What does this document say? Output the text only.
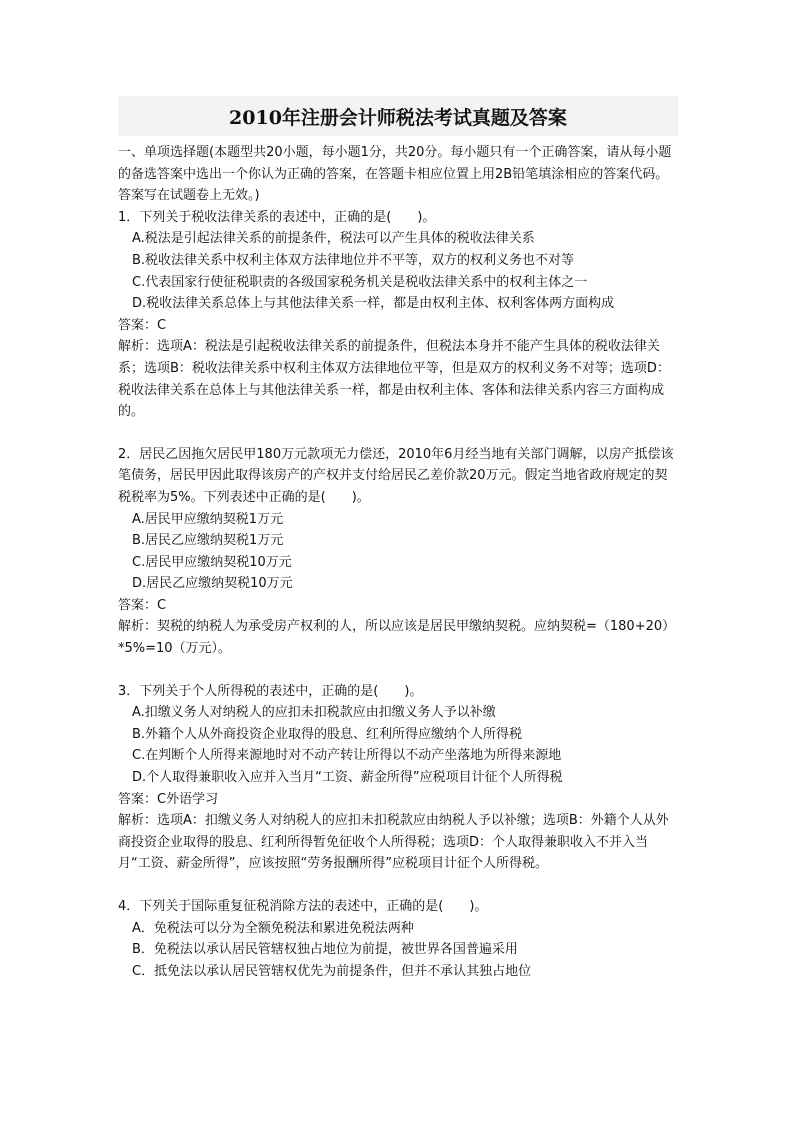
2010年注册会计师税法考试真题及答案

一、单项选择题(本题型共20小题，每小题1分，共20分。每小题只有一个正确答案，请从每小题的备选答案中选出一个你认为正确的答案，在答题卡相应位置上用2B铅笔填涂相应的答案代码。答案写在试题卷上无效。)

1．下列关于税收法律关系的表述中，正确的是(　　)。

A.税法是引起法律关系的前提条件，税法可以产生具体的税收法律关系

B.税收法律关系中权利主体双方法律地位并不平等，双方的权利义务也不对等

C.代表国家行使征税职责的各级国家税务机关是税收法律关系中的权利主体之一

D.税收法律关系总体上与其他法律关系一样，都是由权利主体、权利客体两方面构成

答案：C

解析：选项A：税法是引起税收法律关系的前提条件，但税法本身并不能产生具体的税收法律关系；选项B：税收法律关系中权利主体双方法律地位平等，但是双方的权利义务不对等；选项D：税收法律关系在总体上与其他法律关系一样，都是由权利主体、客体和法律关系内容三方面构成的。

2．居民乙因拖欠居民甲180万元款项无力偿还，2010年6月经当地有关部门调解，以房产抵偿该笔债务，居民甲因此取得该房产的产权并支付给居民乙差价款20万元。假定当地省政府规定的契税税率为5%。下列表述中正确的是(　　)。

A.居民甲应缴纳契税1万元

B.居民乙应缴纳契税1万元

C.居民甲应缴纳契税10万元

D.居民乙应缴纳契税10万元

答案：C

解析：契税的纳税人为承受房产权利的人，所以应该是居民甲缴纳契税。应纳契税=（180+20）*5%=10（万元）。

3．下列关于个人所得税的表述中，正确的是(　　)。

A.扣缴义务人对纳税人的应扣未扣税款应由扣缴义务人予以补缴

B.外籍个人从外商投资企业取得的股息、红利所得应缴纳个人所得税

C.在判断个人所得来源地时对不动产转让所得以不动产坐落地为所得来源地

D.个人取得兼职收入应并入当月“工资、薪金所得”应税项目计征个人所得税

答案：C外语学习

解析：选项A：扣缴义务人对纳税人的应扣未扣税款应由纳税人予以补缴；选项B：外籍个人从外商投资企业取得的股息、红利所得暂免征收个人所得税；选项D：个人取得兼职收入不并入当月“工资、薪金所得”，应该按照“劳务报酬所得”应税项目计征个人所得税。

4．下列关于国际重复征税消除方法的表述中，正确的是(　　)。

A．免税法可以分为全额免税法和累进免税法两种

B．免税法以承认居民管辖权独占地位为前提，被世界各国普遍采用

C．抵免法以承认居民管辖权优先为前提条件，但并不承认其独占地位
